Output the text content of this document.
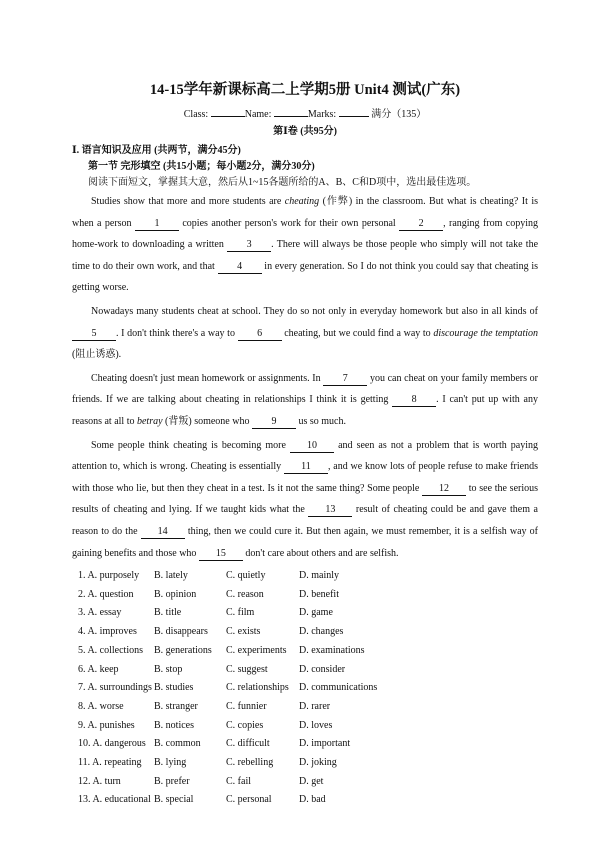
14-15学年新课标高二上学期5册 Unit4 测试(广东)
Class:	Name:	Marks:	满分（135）
第Ⅰ卷 (共95分)
Ⅰ. 语言知识及应用 (共两节，满分45分)
第一节 完形填空 (共15小题；每小题2分，满分30分)
阅读下面短文，掌握其大意，然后从1~15各题所给的A、B、C和D项中，选出最佳选项。

Studies show that more and more students are cheating (作弊) in the classroom. But what is cheating? It is when a person 1 copies another person's work for their own personal 2 , ranging from copying home-work to downloading a written 3 . There will always be those people who simply will not take the time to do their own work, and that 4 in every generation. So I do not think you could say that cheating is getting worse.

Nowadays many students cheat at school. They do so not only in everyday homework but also in all kinds of 5 . I don't think there's a way to 6 cheating, but we could find a way to discourage the temptation (阻止诱惑).

Cheating doesn't just mean homework or assignments. In 7 you can cheat on your family members or friends. If we are talking about cheating in relationships I think it is getting 8 . I can't put up with any reasons at all to betray (背叛) someone who 9 us so much.

Some people think cheating is becoming more 10 and seen as not a problem that is worth paying attention to, which is wrong. Cheating is essentially 11 , and we know lots of people refuse to make friends with those who lie, but then they cheat in a test. Is it not the same thing? Some people 12 to see the serious results of cheating and lying. If we taught kids what the 13 result of cheating could be and gave them a reason to do the 14 thing, then we could cure it. But then again, we must remember, it is a selfish way of gaining benefits and those who 15 don't care about others and are selfish.

1. A. purposely	B. lately	C. quietly	D. mainly
2. A. question	B. opinion	C. reason	D. benefit
3. A. essay	B. title	C. film	D. game
4. A. improves	B. disappears	C. exists	D. changes
5. A. collections	B. generations	C. experiments	D. examinations
6. A. keep	B. stop	C. suggest	D. consider
7. A. surroundings B. studies	C. relationships	D. communications
8. A. worse	B. stranger	C. funnier	D. rarer
9. A. punishes	B. notices	C. copies	D. loves
10. A. dangerous B. common	C. difficult	D. important
11. A. repeating	B. lying	C. rebelling	D. joking
12. A. turn	B. prefer	C. fail	D. get
13. A. educational B. special	C. personal	D. bad
